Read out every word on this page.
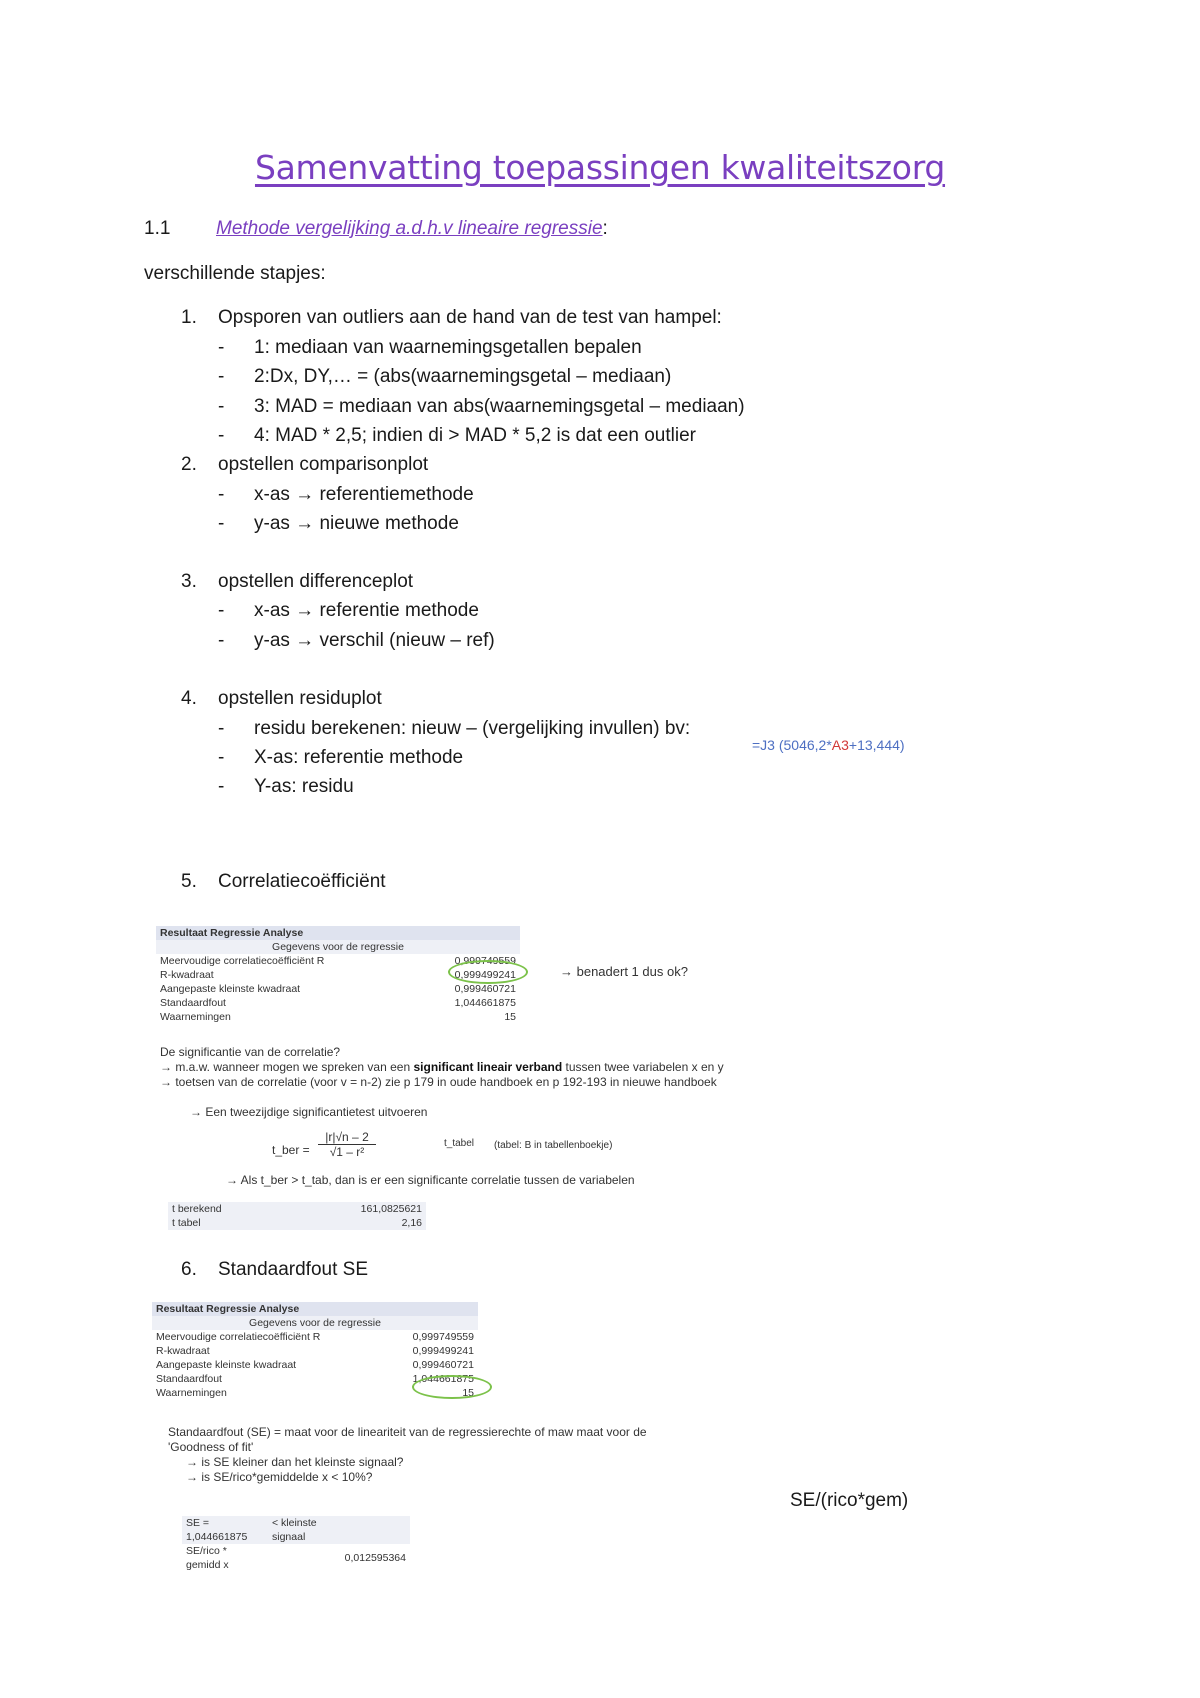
Samenvatting toepassingen kwaliteitszorg
1.1 Methode vergelijking a.d.h.v lineaire regressie:
verschillende stapjes:
1. Opsporen van outliers aan de hand van de test van hampel:
- 1: mediaan van waarnemingsgetallen bepalen
- 2:Dx, DY,… = (abs(waarnemingsgetal – mediaan)
- 3: MAD = mediaan van abs(waarnemingsgetal – mediaan)
- 4: MAD * 2,5; indien di > MAD * 5,2 is dat een outlier
2. opstellen comparisonplot
- x-as → referentiemethode
- y-as → nieuwe methode
3. opstellen differenceplot
- x-as → referentie methode
- y-as → verschil (nieuw – ref)
4. opstellen residuplot
- residu berekenen: nieuw – (vergelijking invullen) bv:
- X-as: referentie methode
- Y-as: residu
=J3 (5046,2*A3+13,444)
5. Correlatiecoëfficiënt
Resultaat Regressie Analyse	
Gegevens voor de regressie	
Meervoudige correlatiecoëfficiënt R	0,999749559
R-kwadraat	0,999499241
Aangepaste kleinste kwadraat	0,999460721
Standaardfout	1,044661875
Waarnemingen	15
→ benadert 1 dus ok?
De significantie van de correlatie?
→ m.a.w. wanneer mogen we spreken van een significant lineair verband tussen twee variabelen x en y
→ toetsen van de correlatie (voor v = n-2) zie p 179 in oude handboek en p 192-193 in nieuwe handboek
→ Een tweezijdige significantietest uitvoeren
t_ber = $\frac{|r|√n - 2}{\text{√1 – r²}}$	t_tabel (tabel: B in tabellenboekje)
→ Als t_ber > t_tab, dan is er een significante correlatie tussen de variabelen
t berekend	161,0825621
t tabel	2,16
6. Standaardfout SE
Resultaat Regressie Analyse	
Gegevens voor de regressie	
Meervoudige correlatiecoëfficiënt R	0,999749559
R-kwadraat	0,999499241
Aangepaste kleinste kwadraat	0,999460721
Standaardfout	1,044661875
Waarnemingen	15
Standaardfout (SE) = maat voor de lineariteit van de regressierechte of maw maat voor de
'Goodness of fit'
→ is SE kleiner dan het kleinste signaal?
→ is SE/rico*gemiddelde x < 10%?
SE/(rico*gem)
SE = 1,044661875	< kleinste signaal	
SE/rico * gemidd x		0,012595364
